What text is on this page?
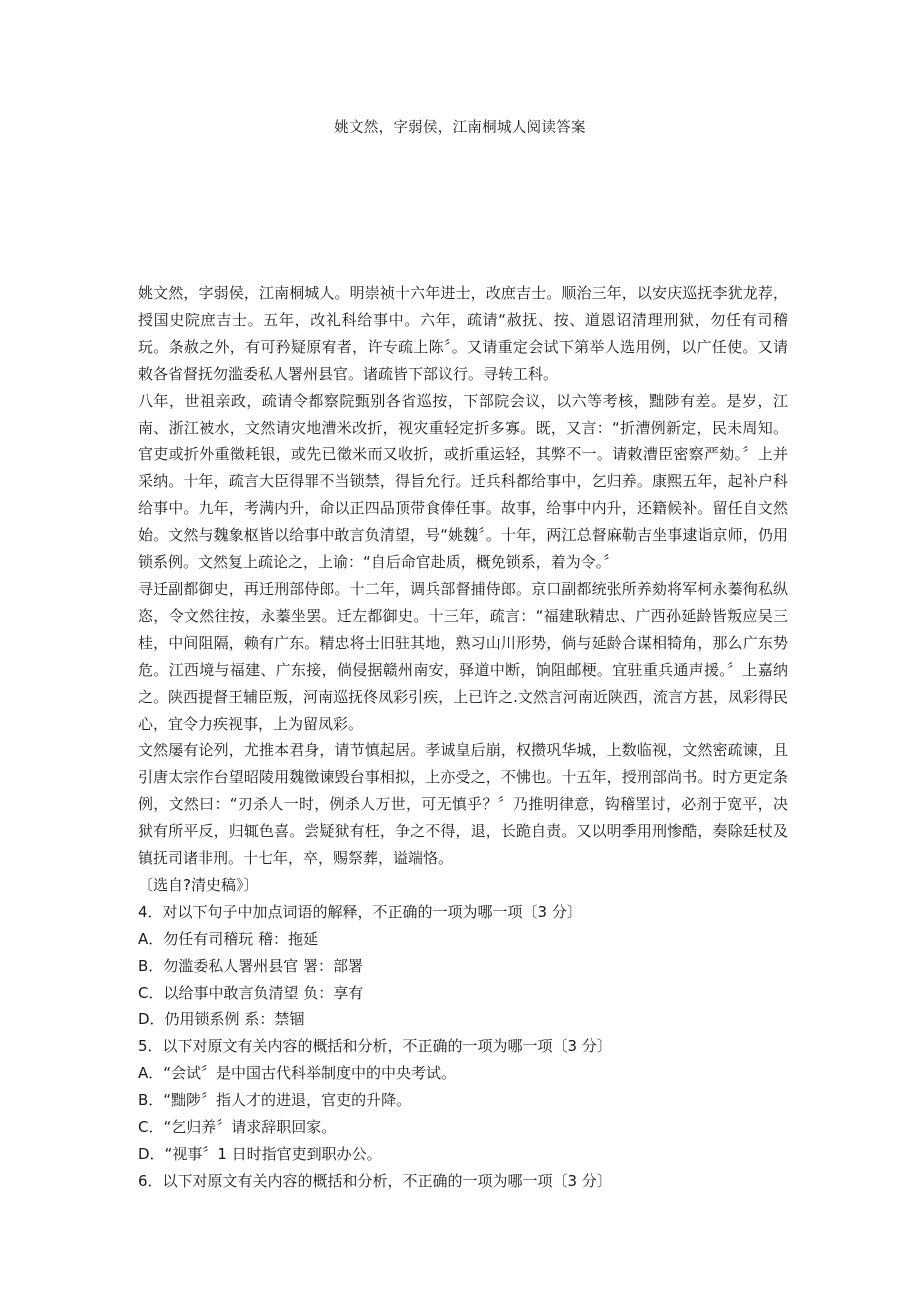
姚文然，字弱侯，江南桐城人阅读答案

姚文然，字弱侯，江南桐城人。明崇祯十六年进士，改庶吉士。顺治三年，以安庆巡抚李犹龙荐，授国史院庶吉士。五年，改礼科给事中。六年，疏请“赦抚、按、道恩诏清理刑狱，勿任有司稽玩。条赦之外，有可矜疑原宥者，许专疏上陈〞。又请重定会试下第举人选用例，以广任使。又请敕各省督抚勿滥委私人署州县官。诸疏皆下部议行。寻转工科。

八年，世祖亲政，疏请令都察院甄别各省巡按，下部院会议，以六等考核，黜陟有差。是岁，江南、浙江被水，文然请灾地漕米改折，视灾重轻定折多寡。既，又言：“折漕例新定，民未周知。官吏或折外重徵耗银，或先已徵米而又收折，或折重运轻，其弊不一。请敕漕臣密察严劾。〞上并采纳。十年，疏言大臣得罪不当锁禁，得旨允行。迁兵科都给事中，乞归养。康熙五年，起补户科给事中。九年，考满内升，命以正四品顶带食俸任事。故事，给事中内升，还籍候补。留任自文然始。文然与魏象枢皆以给事中敢言负清望，号“姚魏〞。十年，两江总督麻勒吉坐事逮诣京师，仍用锁系例。文然复上疏论之，上谕：“自后命官赴质，概免锁系，着为令。〞

寻迁副都御史，再迁刑部侍郎。十二年，调兵部督捕侍郎。京口副都统张所养劾将军柯永蓁徇私纵恣，令文然往按，永蓁坐罢。迁左都御史。十三年，疏言：“福建耿精忠、广西孙延龄皆叛应吴三桂，中间阻隔，赖有广东。精忠将士旧驻其地，熟习山川形势，倘与延龄合谋相犄角，那么广东势危。江西境与福建、广东接，倘侵据赣州南安，驿道中断，饷阻邮梗。宜驻重兵通声援。〞上嘉纳之。陕西提督王辅臣叛，河南巡抚佟凤彩引疾，上已许之.文然言河南近陕西，流言方甚，凤彩得民心，宜令力疾视事，上为留凤彩。

文然屡有论列，尤推本君身，请节慎起居。孝诚皇后崩，权攒巩华城，上数临视，文然密疏谏，且引唐太宗作台望昭陵用魏徵谏毁台事相拟，上亦受之，不怫也。十五年，授刑部尚书。时方更定条例，文然曰：“刃杀人一时，例杀人万世，可无慎乎？〞乃推明律意，钩稽罣讨，必剂于宽平，决狱有所平反，归辄色喜。尝疑狱有枉，争之不得，退，长跪自责。又以明季用刑惨酷，奏除廷杖及镇抚司诸非刑。十七年，卒，赐祭葬，谥端恪。

〔选自?清史稿》〕
4．对以下句子中加点词语的解释，不正确的一项为哪一项〔3 分〕
A．勿任有司稽玩 稽：拖延
B．勿滥委私人署州县官 署：部署
C．以给事中敢言负清望 负：享有
D．仍用锁系例 系：禁锢
5．以下对原文有关内容的概括和分析，不正确的一项为哪一项〔3 分〕
A．“会试〞是中国古代科举制度中的中央考试。
B．“黜陟〞指人才的进退，官吏的升降。
C．“乞归养〞请求辞职回家。
D．“视事〞1 日时指官吏到职办公。
6．以下对原文有关内容的概括和分析，不正确的一项为哪一项〔3 分〕
